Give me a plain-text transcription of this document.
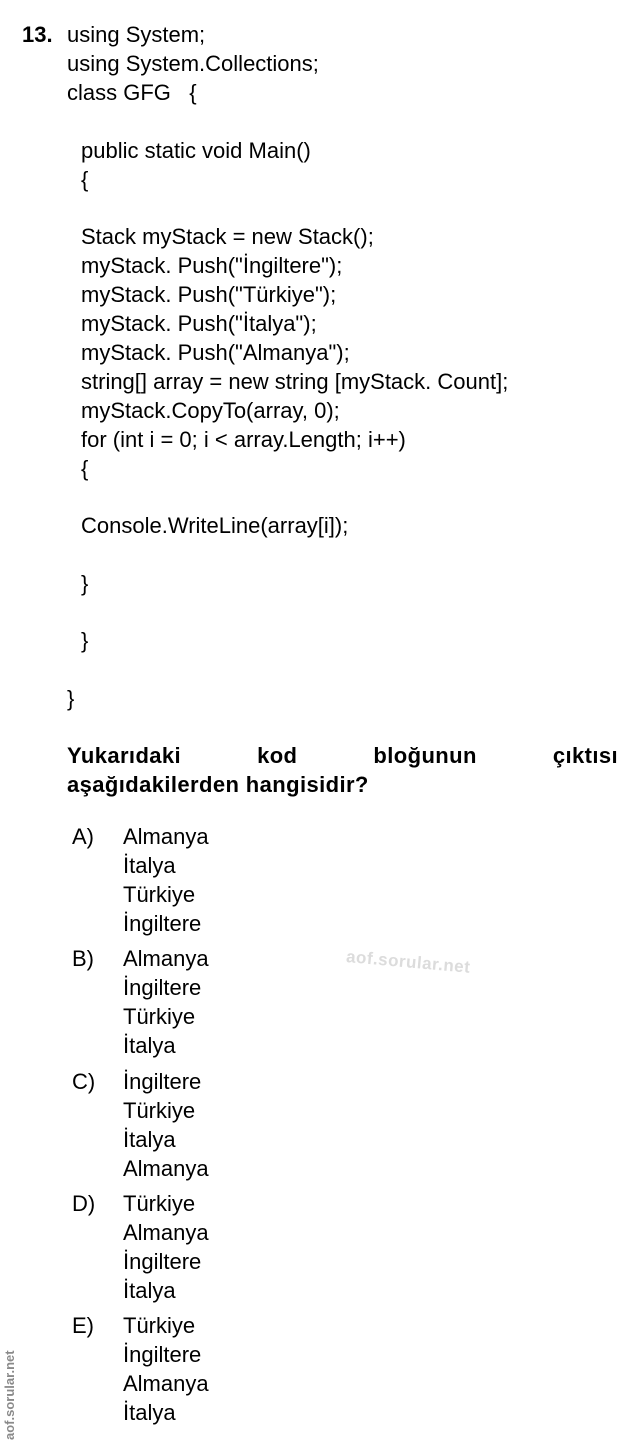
13. using System;
using System.Collections;
class GFG   {
public static void Main()
{
Stack myStack = new Stack();
myStack. Push("İngiltere");
myStack. Push("Türkiye");
myStack. Push("İtalya");
myStack. Push("Almanya");
string[] array = new string [myStack. Count];
myStack.CopyTo(array, 0);
for (int i = 0; i < array.Length; i++)
{
Console.WriteLine(array[i]);
}
}
}
Yukarıdaki kod bloğunun çıktısı
aşağıdakilerden hangisidir?
A) Almanya
İtalya
Türkiye
İngiltere
B) Almanya
İngiltere
Türkiye
İtalya
C) İngiltere
Türkiye
İtalya
Almanya
D) Türkiye
Almanya
İngiltere
İtalya
E) Türkiye
İngiltere
Almanya
İtalya
aof.sorular.net
aof.sorular.net
